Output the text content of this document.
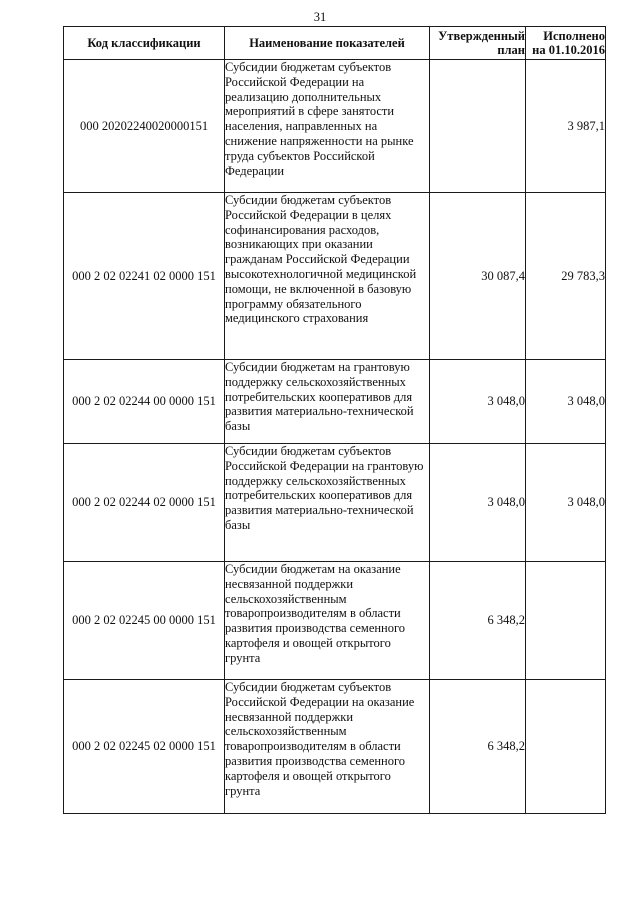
31
Код классификации	Наименование показателей	Утвержденный
план	Исполнено
на 01.10.2016

000 20202240020000151	Субсидии бюджетам субъектов Российской Федерации на реализацию дополнительных мероприятий в сфере занятости населения, направленных на снижение напряженности на рынке труда субъектов Российской Федерации		3 987,1
000 2 02 02241 02 0000 151	Субсидии бюджетам субъектов Российской Федерации в целях софинансирования расходов, возникающих при оказании гражданам Российской Федерации высокотехнологичной медицинской помощи, не включенной в базовую программу обязательного медицинского страхования	30 087,4	29 783,3
000 2 02 02244 00 0000 151	Субсидии бюджетам на грантовую поддержку сельскохозяйственных потребительских кооперативов для развития материально-технической базы	3 048,0	3 048,0
000 2 02 02244 02 0000 151	Субсидии бюджетам субъектов Российской Федерации на грантовую поддержку сельскохозяйственных потребительских кооперативов для развития материально-технической базы	3 048,0	3 048,0
000 2 02 02245 00 0000 151	Субсидии бюджетам на оказание несвязанной поддержки сельскохозяйственным товаропроизводителям в области развития производства семенного картофеля и овощей открытого грунта	6 348,2	
000 2 02 02245 02 0000 151	Субсидии бюджетам субъектов Российской Федерации на оказание несвязанной поддержки сельскохозяйственным товаропроизводителям в области развития производства семенного картофеля и овощей открытого грунта	6 348,2	
